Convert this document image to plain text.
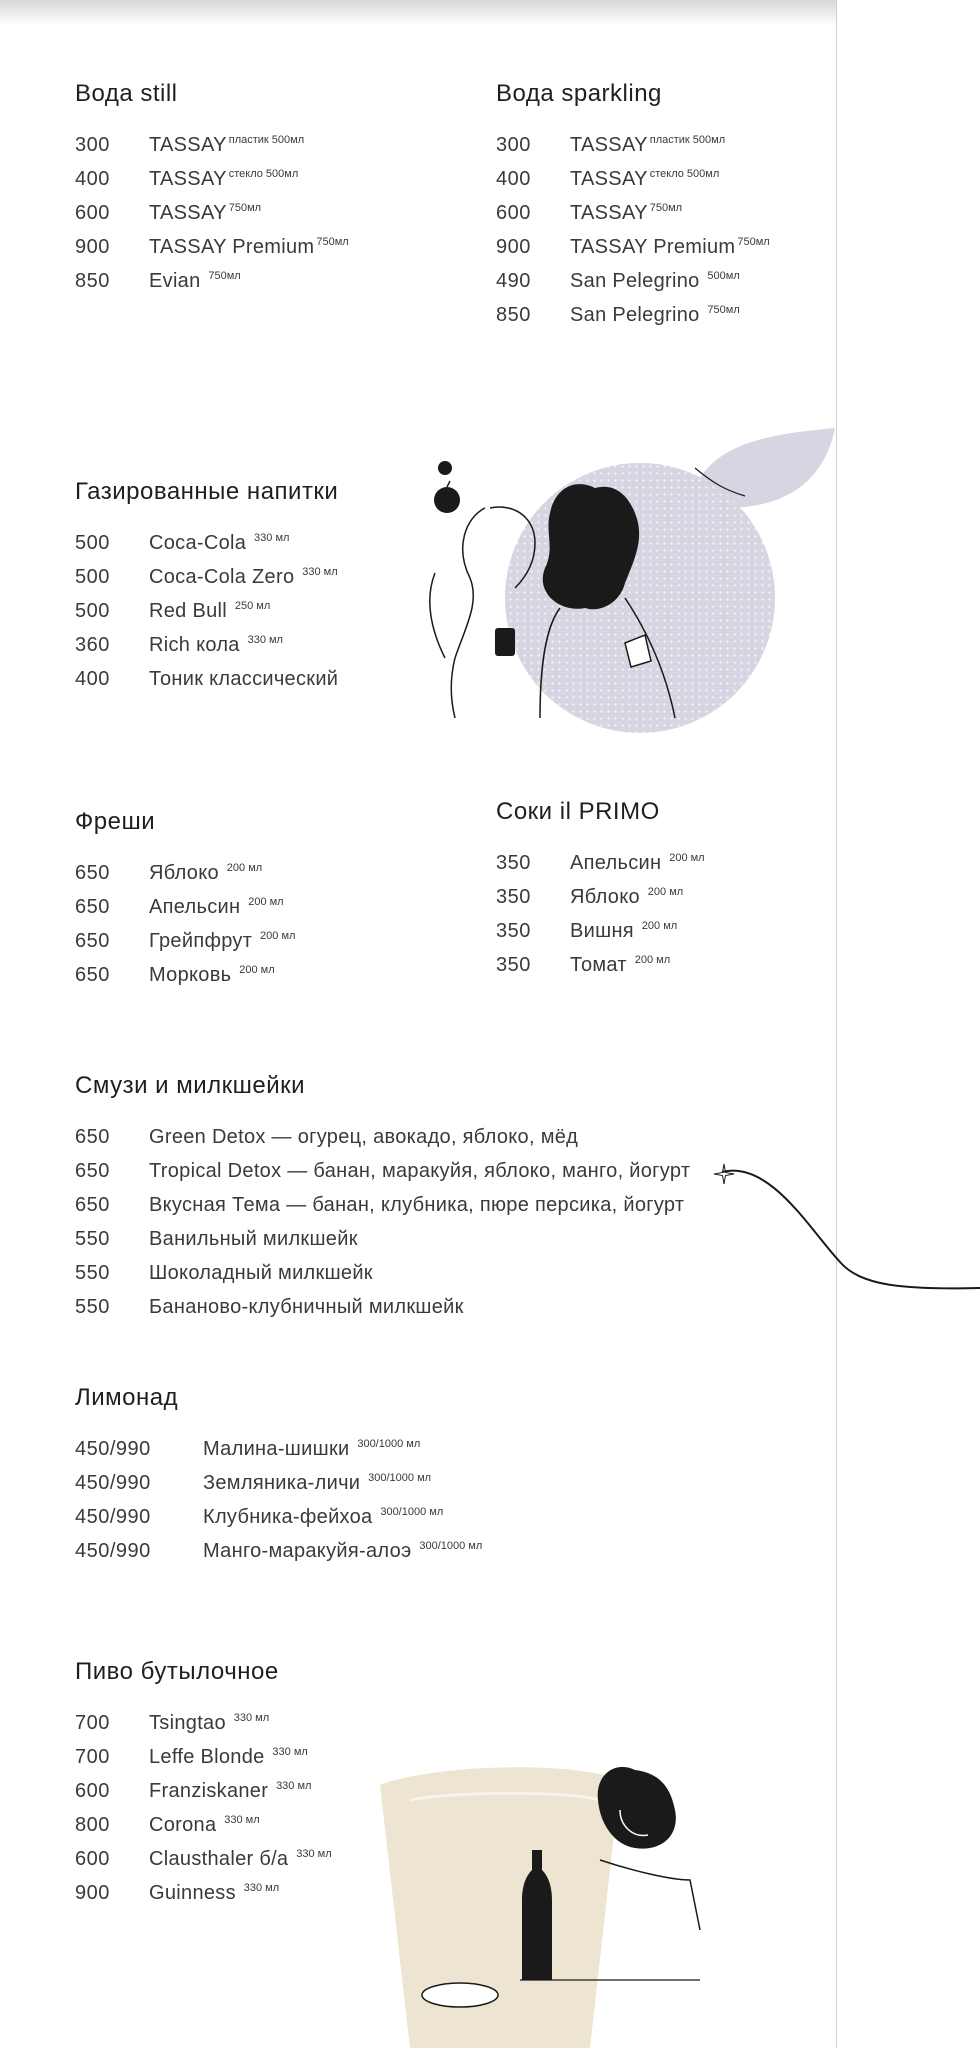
Вода still
300	TASSAY $^{пластик 500мл}$
400	TASSAY $^{стекло 500мл}$
600	TASSAY $^{750мл}$
900	TASSAY Premium $^{750мл}$
850	Evian $^{750мл}$
Вода sparkling
300	TASSAY $^{пластик 500мл}$
400	TASSAY $^{стекло 500мл}$
600	TASSAY $^{750мл}$
900	TASSAY Premium $^{750мл}$
490	San Pelegrino $^{500мл}$
850	San Pelegrino $^{750мл}$
Газированные напитки
500	Coca-Cola $^{330 мл}$
500	Coca-Cola Zero $^{330 мл}$
500	Red Bull $^{250 мл}$
360	Rich кола $^{330 мл}$
400	Тоник классический
Фреши
650	Яблоко $^{200 мл}$
650	Апельсин $^{200 мл}$
650	Грейпфрут $^{200 мл}$
650	Морковь $^{200 мл}$
Соки il PRIMO
350	Апельсин $^{200 мл}$
350	Яблоко $^{200 мл}$
350	Вишня $^{200 мл}$
350	Томат $^{200 мл}$
Смузи и милкшейки
650	Green Detox — огурец, авокадо, яблоко, мёд
650	Tropical Detox — банан, маракуйя, яблоко, манго, йогурт
650	Вкусная Тема — банан, клубника, пюре персика, йогурт
550	Ванильный милкшейк
550	Шоколадный милкшейк
550	Бананово-клубничный милкшейк
Лимонад
450/990	Малина-шишки $^{300/1000 мл}$
450/990	Земляника-личи $^{300/1000 мл}$
450/990	Клубника-фейхоа $^{300/1000 мл}$
450/990	Манго-маракуйя-алоэ $^{300/1000 мл}$
Пиво бутылочное
700	Tsingtao $^{330 мл}$
700	Leffe Blonde $^{330 мл}$
600	Franziskaner $^{330 мл}$
800	Corona $^{330 мл}$
600	Clausthaler б/а $^{330 мл}$
900	Guinness $^{330 мл}$
